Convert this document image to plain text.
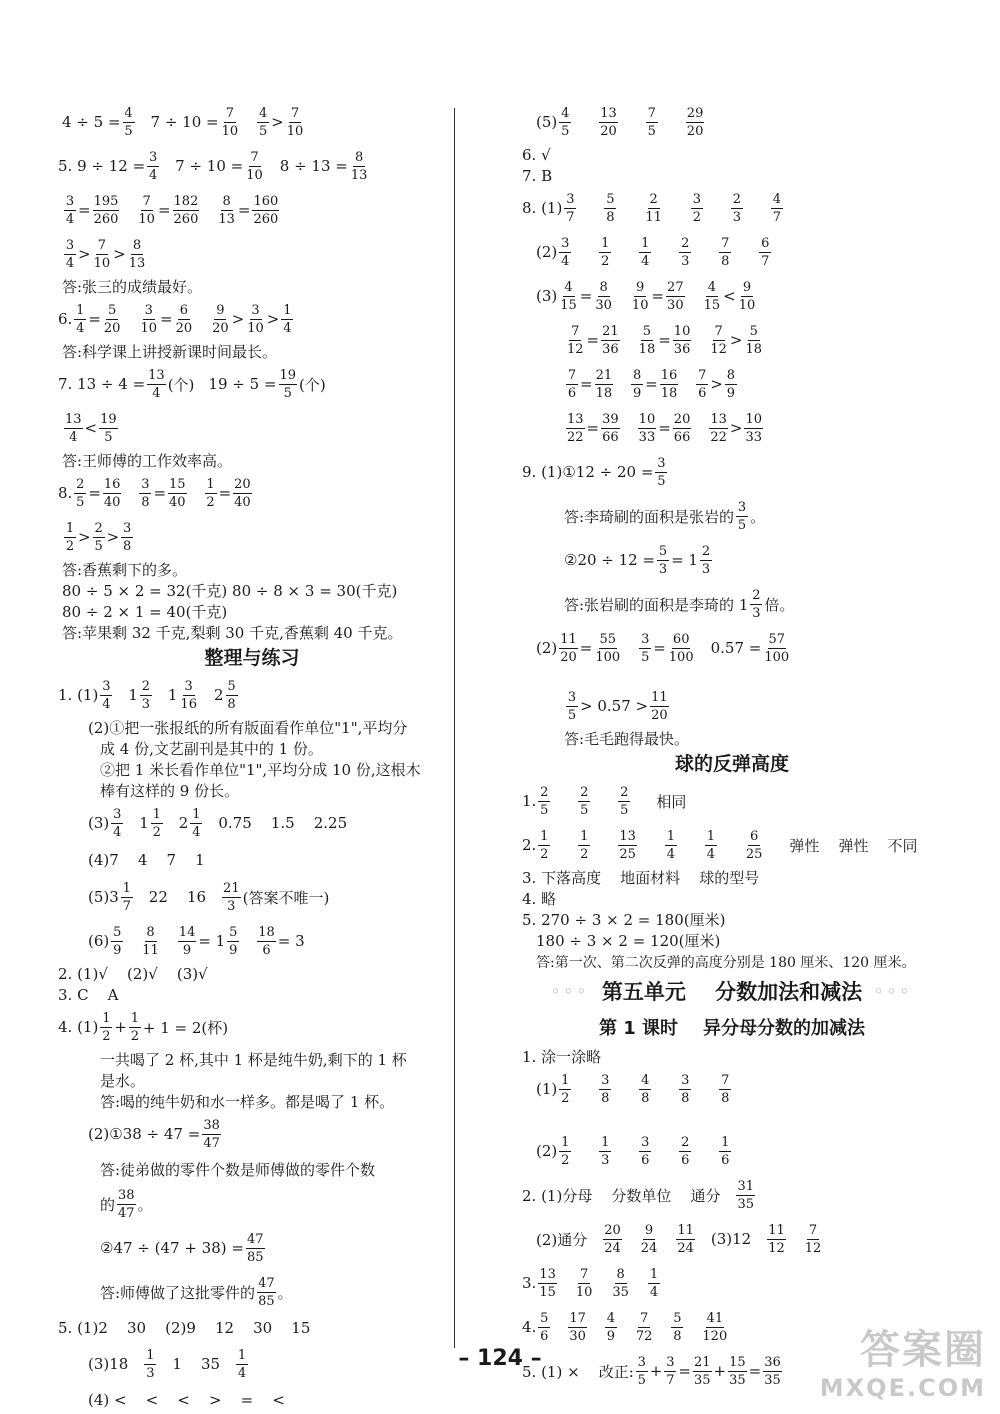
$4 \div 5 = \frac{4}{5} 7 \div 10 = \frac{7}{10} \frac{4}{5} > \frac{7}{10}$
5. $9 \div 12 = \frac{3}{4} 7 \div 10 = \frac{7}{10} 8 \div 13 = \frac{8}{13}$
$\frac{3}{4} = \frac{195}{260} \frac{7}{10} = \frac{182}{260} \frac{8}{13} = \frac{160}{260}$
$\frac{3}{4} > \frac{7}{10} > \frac{8}{13}$
答:张三的成绩最好。
6. $\frac{1}{4} = \frac{5}{20} \frac{3}{10} = \frac{6}{20} \frac{9}{20} > \frac{3}{10} > \frac{1}{4}$
答:科学课上讲授新课时间最长。
7. $13 \div 4 = \frac{13}{4}$ (个) $19 \div 5 = \frac{19}{5}$ (个)
$\frac{13}{4} < \frac{19}{5}$
答:王师傅的工作效率高。
8. $\frac{2}{5} = \frac{16}{40} \frac{3}{8} = \frac{15}{40} \frac{1}{2} = \frac{20}{40}$
$\frac{1}{2} > \frac{2}{5} > \frac{3}{8}$
答:香蕉剩下的多。
80 ÷ 5 × 2 = 32(千克) 80 ÷ 8 × 3 = 30(千克)
80 ÷ 2 × 1 = 40(千克)
答:苹果剩 32 千克,梨剩 30 千克,香蕉剩 40 千克。
整理与练习
1. $(1) \frac{3}{4} 1 \frac{2}{3} 1 \frac{3}{16} 2 \frac{5}{8}$
(2)①把一张报纸的所有版面看作单位"1",平均分
成 4 份,文艺副刊是其中的 1 份。
②把 1 米长看作单位"1",平均分成 10 份,这根木
棒有这样的 9 份长。
$(3) \frac{3}{4} 1 \frac{1}{2} 2 \frac{1}{4} 0.75$    1.5    2.25
(4)7    4    7    1
$(5)3 \frac{1}{7} 22$    $16 \frac{21}{3}$ (答案不唯一)
$(6) \frac{5}{9} \frac{8}{11} \frac{14}{9} = 1 \frac{5}{9} \frac{18}{6} = 3$
2. (1)√    (2)√    (3)√
3. C    A
4. $(1) \frac{1}{2} + \frac{1}{2} + 1 = 2$(杯)
一共喝了 2 杯,其中 1 杯是纯牛奶,剩下的 1 杯
是水。
答:喝的纯牛奶和水一样多。都是喝了 1 杯。
(2)①38 ÷ $47 = \frac{38}{47}$
答:徒弟做的零件个数是师傅做的零件个数
的 $\frac{38}{47}$ 。
②47 ÷ $(47 + 38) = \frac{47}{85}$
答:师傅做了这批零件的 $\frac{47}{85}$ 。
5. (1)2    30    (2)9    12    30    15
$(3)18 \frac{1}{3} 1$    $35 \frac{1}{4}$
(4) <    <    <    >    =    <
$(5) \frac{4}{5} \frac{13}{20} \frac{7}{5} \frac{29}{20}$
6. √
7. B
8. $(1) \frac{3}{7} \frac{5}{8} \frac{2}{11} \frac{3}{2} \frac{2}{3} \frac{4}{7}$
$(2) \frac{3}{4} \frac{1}{2} \frac{1}{4} \frac{2}{3} \frac{7}{8} \frac{6}{7}$
$(3) \frac{4}{15} = \frac{8}{30} \frac{9}{10} = \frac{27}{30} \frac{4}{15} < \frac{9}{10}$
$\frac{7}{12} = \frac{21}{36} \frac{5}{18} = \frac{10}{36} \frac{7}{12} > \frac{5}{18}$
$\frac{7}{6} = \frac{21}{18} \frac{8}{9} = \frac{16}{18} \frac{7}{6} > \frac{8}{9}$
$\frac{13}{22} = \frac{39}{66} \frac{10}{33} = \frac{20}{66} \frac{13}{22} > \frac{10}{33}$
9. (1)①12 ÷ $20 = \frac{3}{5}$
答:李琦刷的面积是张岩的 $\frac{3}{5}$ 。
②20 ÷ $12 = \frac{5}{3} = 1 \frac{2}{3}$
答:张岩刷的面积是李琦的 $1 \frac{2}{3}$ 倍。
$(2) \frac{11}{20} = \frac{55}{100} \frac{3}{5} = \frac{60}{100} 0.57 = \frac{57}{100}$
$\frac{3}{5} > 0.57 > \frac{11}{20}$
答:毛毛跑得最快。
球的反弹高度
1. $\frac{2}{5} \frac{2}{5} \frac{2}{5}$ 相同
2. $\frac{1}{2} \frac{1}{2} \frac{13}{25} \frac{1}{4} \frac{1}{4} \frac{6}{25}$ 弹性    弹性    不同
3. 下落高度    地面材料    球的型号
4. 略
5. 270 ÷ 3 × 2 = 180(厘米)
180 ÷ 3 × 2 = 120(厘米)
答:第一次、第二次反弹的高度分别是 180 厘米、120 厘米。
◦◦◦ 第五单元    分数加法和减法 ◦◦◦
第 1 课时    异分母分数的加减法
1. 涂一涂略
$(1) \frac{1}{2} \frac{3}{8} \frac{4}{8} \frac{3}{8} \frac{7}{8}$
$(2) \frac{1}{2} \frac{1}{3} \frac{3}{6} \frac{2}{6} \frac{1}{6}$
2. (1)分母    分数单位    通分 $\frac{31}{35}$
(2)通分 $\frac{20}{24} \frac{9}{24} \frac{11}{24} (3)12 \frac{11}{12} \frac{7}{12}$
3. $\frac{13}{15} \frac{7}{10} \frac{8}{35} \frac{1}{4}$
4. $\frac{5}{6} \frac{17}{30} \frac{4}{9} \frac{7}{72} \frac{5}{8} \frac{41}{120}$
5. (1) ×    改正: $\frac{3}{5} + \frac{3}{7} = \frac{21}{35} + \frac{15}{35} = \frac{36}{35}$
– 124 –	答案圈
MXQE.COM
